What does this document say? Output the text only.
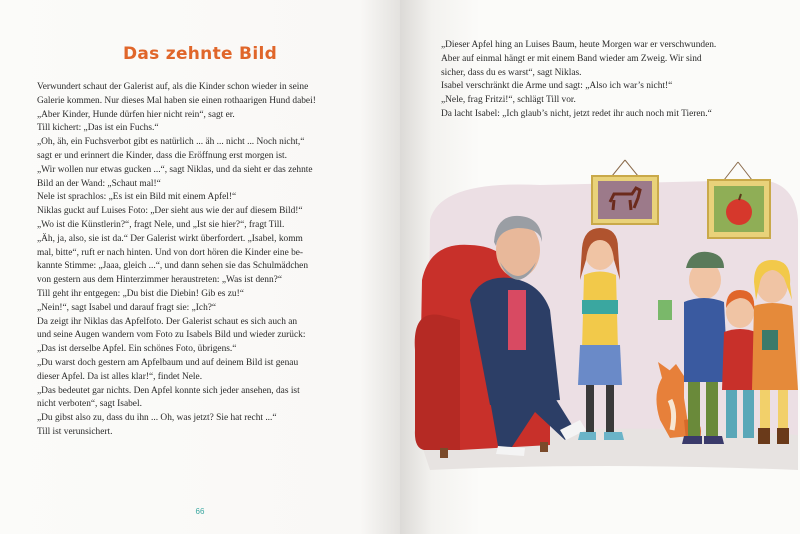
Das zehnte Bild
Verwundert schaut der Galerist auf, als die Kinder schon wieder in seine
Galerie kommen. Nur dieses Mal haben sie einen rothaarigen Hund dabei!
„Aber Kinder, Hunde dürfen hier nicht rein“, sagt er.
Till kichert: „Das ist ein Fuchs.“
„Oh, äh, ein Fuchsverbot gibt es natürlich ... äh ... nicht ... Noch nicht,“
sagt er und erinnert die Kinder, dass die Eröffnung erst morgen ist.
„Wir wollen nur etwas gucken ...“, sagt Niklas, und da sieht er das zehnte
Bild an der Wand: „Schaut mal!“
Nele ist sprachlos: „Es ist ein Bild mit einem Apfel!“
Niklas guckt auf Luises Foto: „Der sieht aus wie der auf diesem Bild!“
„Wo ist die Künstlerin?“, fragt Nele, und „Ist sie hier?“, fragt Till.
„Äh, ja, also, sie ist da.“ Der Galerist wirkt überfordert. „Isabel, komm
mal, bitte“, ruft er nach hinten. Und von dort hören die Kinder eine be-
kannte Stimme: „Jaaa, gleich ...“, und dann sehen sie das Schulmädchen
von gestern aus dem Hinterzimmer heraustreten: „Was ist denn?“
Till geht ihr entgegen: „Du bist die Diebin! Gib es zu!“
„Nein!“, sagt Isabel und darauf fragt sie: „Ich?“
Da zeigt ihr Niklas das Apfelfoto. Der Galerist schaut es sich auch an
und seine Augen wandern vom Foto zu Isabels Bild und wieder zurück:
„Das ist derselbe Apfel. Ein schönes Foto, übrigens.“
„Du warst doch gestern am Apfelbaum und auf deinem Bild ist genau
dieser Apfel. Da ist alles klar!“, findet Nele.
„Das bedeutet gar nichts. Den Apfel konnte sich jeder ansehen, das ist
nicht verboten“, sagt Isabel.
„Du gibst also zu, dass du ihn ... Oh, was jetzt? Sie hat recht ...“
Till ist verunsichert.
66
„Dieser Apfel hing an Luises Baum, heute Morgen war er verschwunden.
Aber auf einmal hängt er mit einem Band wieder am Zweig. Wir sind
sicher, dass du es warst“, sagt Niklas.
Isabel verschränkt die Arme und sagt: „Also ich war’s nicht!“
„Nele, frag Fritzi!“, schlägt Till vor.
Da lacht Isabel: „Ich glaub’s nicht, jetzt redet ihr auch noch mit Tieren.“
